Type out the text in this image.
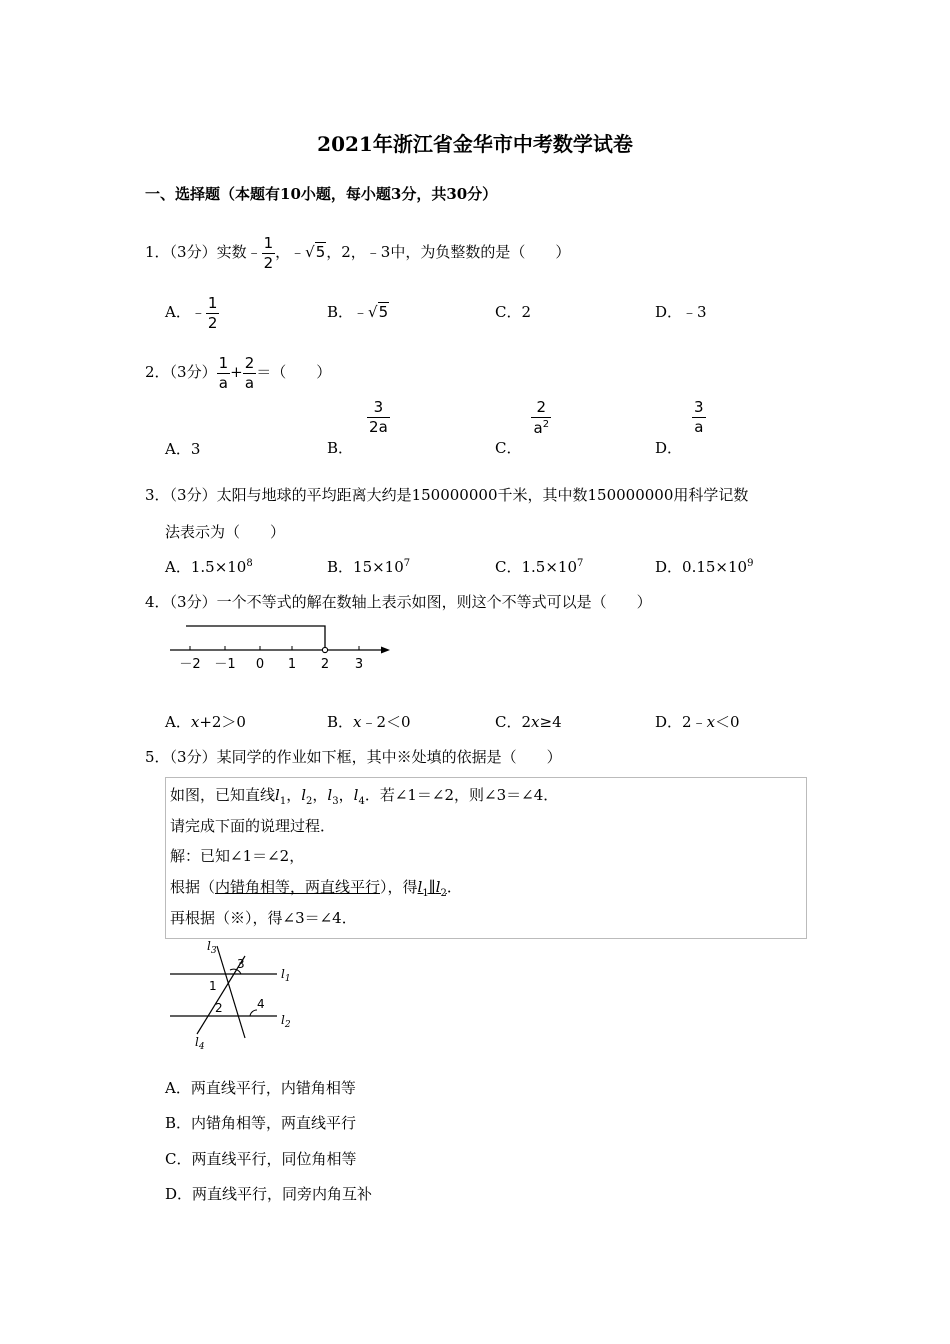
2021年浙江省金华市中考数学试卷
一、选择题（本题有10小题，每小题3分，共30分）
1．（3分）实数﹣ $\frac{1}{2}$ ，﹣√5，2，﹣3中，为负整数的是（　　）
A．﹣ $\frac{1}{2}$	B．﹣√5	C．2	D．﹣3
2．（3分） $\frac{1}{a} + \frac{2}{a}$ ＝（　　）
A．3	B．
$\frac{3}{2a}$
C．
$\frac{2}{a^2}$
D．
$\frac{3}{a}$
3．（3分）太阳与地球的平均距离大约是150000000千米，其中数150000000用科学记数
法表示为（　　）
A．$1.5\times 10^8$	B．$15\times 10^7$	C．$1.5\times 10^7$	D．$0.15\times 10^9$
4．（3分）一个不等式的解在数轴上表示如图，则这个不等式可以是（　　）
－2 －1 0 1 2 3
A．x+2＞0	B．x﹣2＜0	C．2x≥4	D．2﹣x＜0
5．（3分）某同学的作业如下框，其中※处填的依据是（　　）
如图，已知直线$l_1$，$l_2$，$l_3$，$l_4$．若∠1＝∠2，则∠3＝∠4．
请完成下面的说理过程．
解：已知∠1＝∠2，
根据（内错角相等，两直线平行），得$l_1\parallel l_2$．
再根据（※），得∠3＝∠4．
$l_3$
3
$l_1$
1
2	4
$l_2$
$l_4$
A．两直线平行，内错角相等
B．内错角相等，两直线平行
C．两直线平行，同位角相等
D．两直线平行，同旁内角互补
